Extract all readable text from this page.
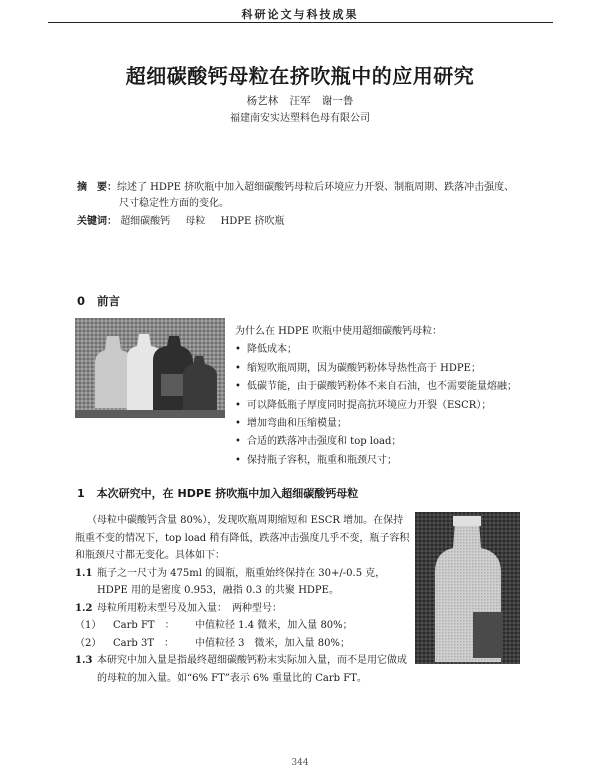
科研论文与科技成果
超细碳酸钙母粒在挤吹瓶中的应用研究
杨艺林 汪军 谢一鲁
福建南安实达塑料色母有限公司
摘　要：综述了 HDPE 挤吹瓶中加入超细碳酸钙母粒后环境应力开裂、制瓶周期、跌落冲击强度、
尺寸稳定性方面的变化。
关键词： 超细碳酸钙 母粒 HDPE 挤吹瓶
0 前言
为什么在 HDPE 吹瓶中使用超细碳酸钙母粒：
• 降低成本；
• 缩短吹瓶周期，因为碳酸钙粉体导热性高于 HDPE；
• 低碳节能，由于碳酸钙粉体不来自石油，也不需要能量熔融；
• 可以降低瓶子厚度同时提高抗环境应力开裂（ESCR）；
• 增加弯曲和压缩模量；
• 合适的跌落冲击强度和 top load；
• 保持瓶子容积，瓶重和瓶颈尺寸；
1 本次研究中，在 HDPE 挤吹瓶中加入超细碳酸钙母粒

（母粒中碳酸钙含量 80%），发现吹瓶周期缩短和 ESCR 增加。在保持瓶重不变的情况下，top load 稍有降低，跌落冲击强度几乎不变，瓶子容积和瓶颈尺寸都无变化。具体如下：

1.1 瓶子之一尺寸为 475ml 的圆瓶，瓶重始终保持在 30+/-0.5 克，HDPE 用的是密度 0.953，融指 0.3 的共聚 HDPE。
1.2 母粒所用粉末型号及加入量：　两种型号：
（1）	Carb FT　：	中值粒径 1.4 微米，加入量 80%；
（2）	Carb 3T　：	中值粒径 3　微米，加入量 80%；
1.3 本研究中加入量是指最终超细碳酸钙粉末实际加入量，而不是用它做成的母粒的加入量。如“6% FT”表示 6% 重量比的 Carb FT。
344
